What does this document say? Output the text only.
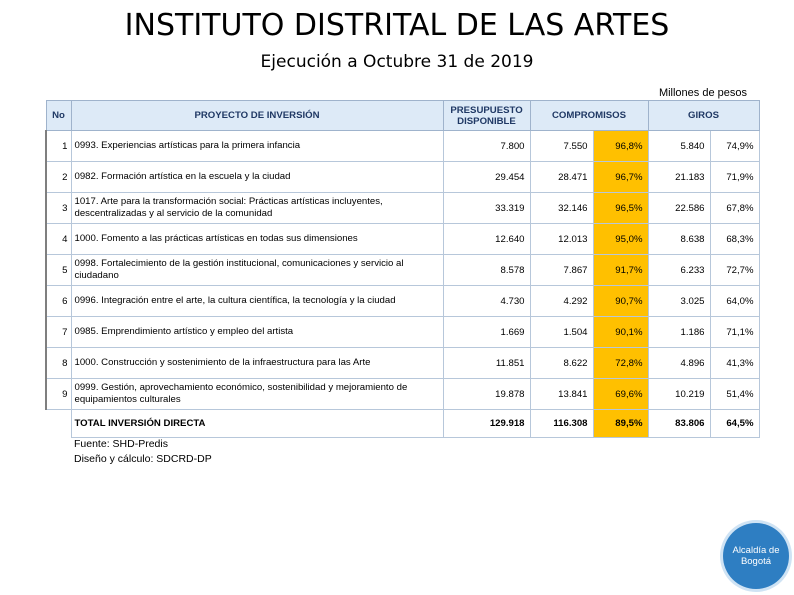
INSTITUTO DISTRITAL DE LAS ARTES
Ejecución a Octubre 31 de 2019
Millones de pesos
No	PROYECTO DE INVERSIÓN	PRESUPUESTO DISPONIBLE	COMPROMISOS		GIROS	
1	0993. Experiencias artísticas para la primera infancia	7.800	7.550	96,8%	5.840	74,9%
2	0982. Formación artística en la escuela y la ciudad	29.454	28.471	96,7%	21.183	71,9%
3	1017. Arte para la transformación social: Prácticas artísticas incluyentes, descentralizadas y al servicio de la comunidad	33.319	32.146	96,5%	22.586	67,8%
4	1000. Fomento a las prácticas artísticas en todas sus dimensiones	12.640	12.013	95,0%	8.638	68,3%
5	0998. Fortalecimiento de la gestión institucional, comunicaciones y servicio al ciudadano	8.578	7.867	91,7%	6.233	72,7%
6	0996. Integración entre el arte, la cultura científica, la tecnología y la ciudad	4.730	4.292	90,7%	3.025	64,0%
7	0985. Emprendimiento artístico y empleo del artista	1.669	1.504	90,1%	1.186	71,1%
8	1000. Construcción y sostenimiento de la infraestructura para las Arte	11.851	8.622	72,8%	4.896	41,3%
9	0999. Gestión, aprovechamiento económico, sostenibilidad y mejoramiento de equipamientos culturales	19.878	13.841	69,6%	10.219	51,4%
	TOTAL INVERSIÓN DIRECTA	129.918	116.308	89,5%	83.806	64,5%
Fuente: SHD-Predis
Diseño y cálculo: SDCRD-DP
Alcaldía de
Bogotá
